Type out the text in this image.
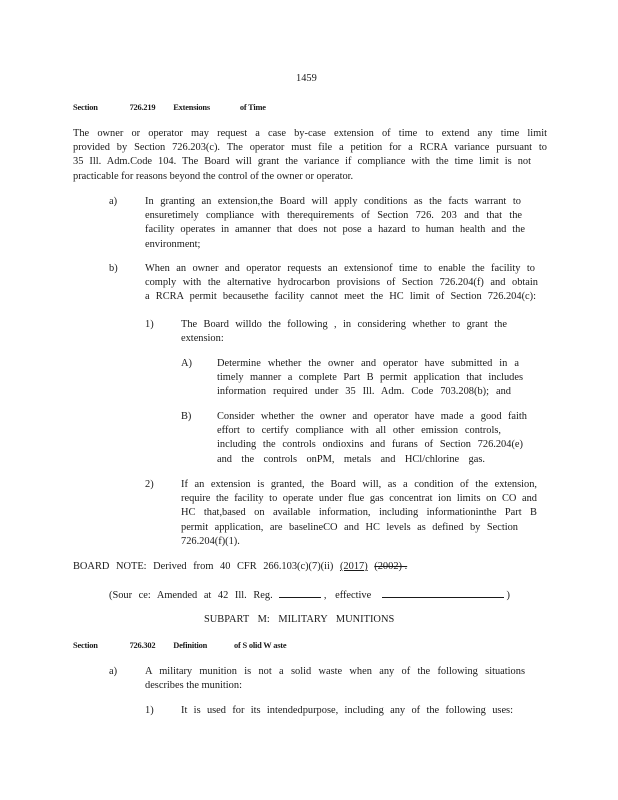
1459
Section	726.219 Extensions	of Time
The owner or operator may request a case by-case extension of time to extend any time limit
provided by Section 726.203(c). The operator must file a petition for a RCRA variance pursuant to
35 Ill. Adm.Code 104. The Board will grant the variance if compliance with the time limit is not
practicable for reasons beyond the control of the owner or operator.
a)	In granting an extension,the Board will apply conditions as the facts warrant to
ensuretimely compliance with therequirements of Section 726. 203 and that the
facility operates in amanner that does not pose a hazard to human health and the
environment;
b)	When an owner and operator requests an extensionof time to enable the facility to
comply with the alternative hydrocarbon provisions of Section 726.204(f) and obtain
a RCRA permit becausethe facility cannot meet the HC limit of Section 726.204(c):
1)	The Board willdo the following , in considering whether to grant the
extension:
A) Determine whether the owner and operator have submitted in a
timely manner a complete Part B permit application that includes
information required under 35 Ill. Adm. Code 703.208(b); and
B) Consider whether the owner and operator have made a good faith
effort to certify compliance with all other emission controls,
including the controls ondioxins and furans of Section 726.204(e)
and the controls onPM, metals and HCl/chlorine gas.
2)	If an extension is granted, the Board will, as a condition of the extension,
require the facility to operate under flue gas concentrat ion limits on CO and
HC that,based on available information, including informationinthe Part B
permit application, are baselineCO and HC levels as defined by Section
726.204(f)(1).
BOARD NOTE: Derived from 40 CFR 266.103(c)(7)(ii) (2017) (2002) .
(Sour ce: Amended at 42 Ill. Reg.	, effective	)
SUBPART M: MILITARY MUNITIONS
Section	726.302 Definition	of S olid W aste
a)	A military munition is not a solid waste when any of the following situations
describes the munition:
1)	It is used for its intendedpurpose, including any of the following uses:
